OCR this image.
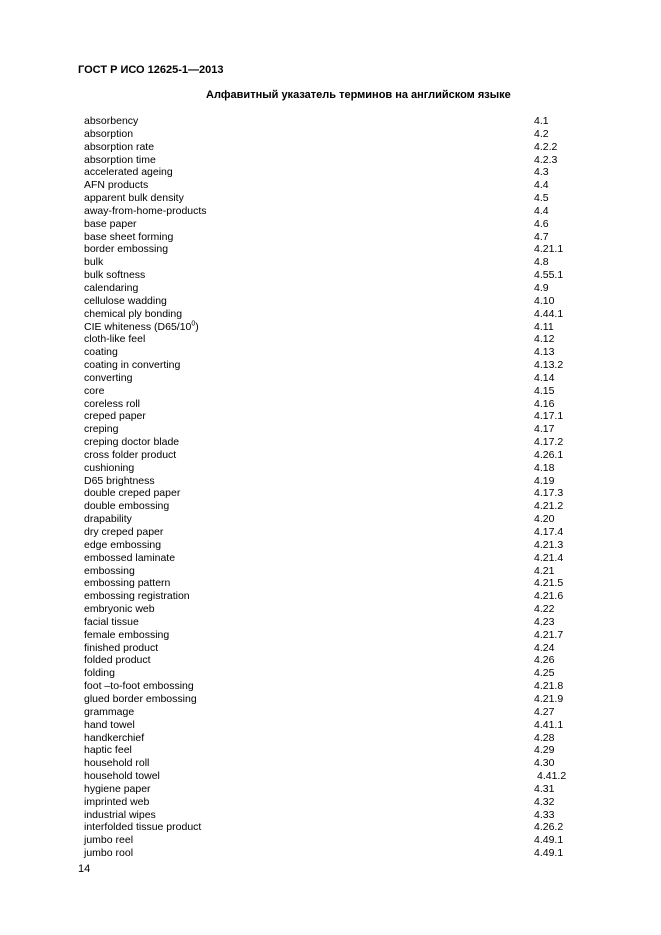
ГОСТ Р ИСО 12625-1—2013
Алфавитный указатель терминов на английском языке
absorbency	4.1
absorption	4.2
absorption rate	4.2.2
absorption time	4.2.3
accelerated ageing	4.3
AFN products	4.4
apparent bulk density	4.5
away-from-home-products	4.4
base paper	4.6
base sheet forming	4.7
border embossing	4.21.1
bulk	4.8
bulk softness	4.55.1
calendaring	4.9
cellulose wadding	4.10
chemical ply bonding	4.44.1
CIE whiteness $(D65/10^0)$	4.11
cloth-like feel	4.12
coating	4.13
coating in converting	4.13.2
converting	4.14
core	4.15
coreless roll	4.16
creped paper	4.17.1
creping	4.17
creping doctor blade	4.17.2
cross folder product	4.26.1
cushioning	4.18
D65 brightness	4.19
double creped paper	4.17.3
double embossing	4.21.2
drapability	4.20
dry creped paper	4.17.4
edge embossing	4.21.3
embossed laminate	4.21.4
embossing	4.21
embossing pattern	4.21.5
embossing registration	4.21.6
embryonic web	4.22
facial tissue	4.23
female embossing	4.21.7
finished product	4.24
folded product	4.26
folding	4.25
foot –to-foot embossing	4.21.8
glued border embossing	4.21.9
grammage	4.27
hand towel	4.41.1
handkerchief	4.28
haptic feel	4.29
household roll	4.30
household towel	4.41.2
hygiene paper	4.31
imprinted web	4.32
industrial wipes	4.33
interfolded tissue product	4.26.2
jumbo reel	4.49.1
jumbo rool	4.49.1
14
